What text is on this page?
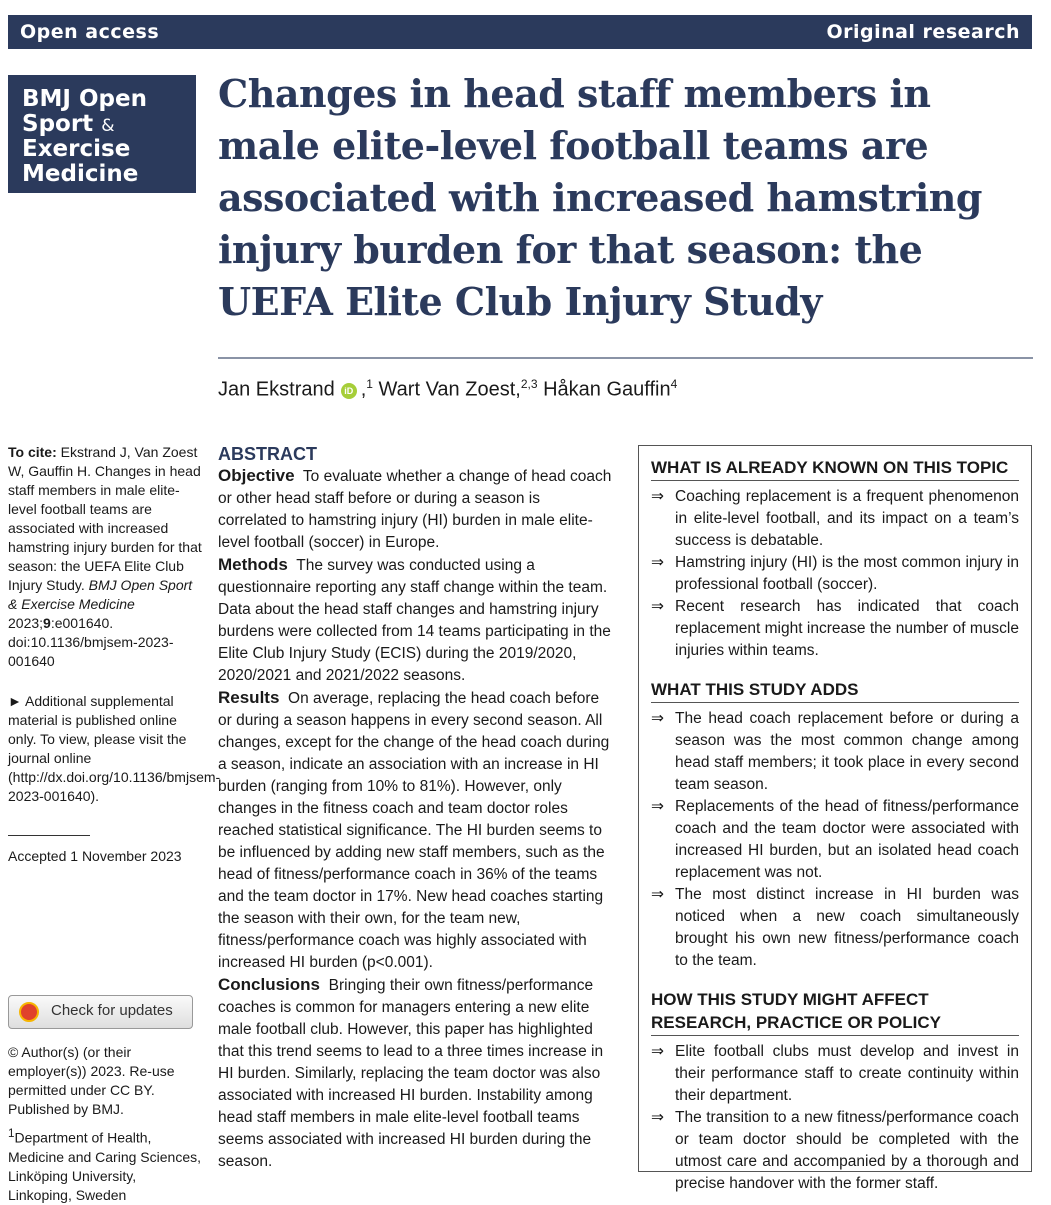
Open access	Original research
BMJ Open
Sport &
Exercise
Medicine
Changes in head staff members in male elite-level football teams are associated with increased hamstring injury burden for that season: the UEFA Elite Club Injury Study
Jan Ekstrand iD ,$^1$ Wart Van Zoest,$^{2,3}$ Håkan Gauffin$^4$
To cite: Ekstrand J, Van Zoest W, Gauffin H. Changes in head staff members in male elite-level football teams are associated with increased hamstring injury burden for that season: the UEFA Elite Club Injury Study. BMJ Open Sport & Exercise Medicine 2023;9:e001640. doi:10.1136/bmjsem-2023-001640
► Additional supplemental material is published online only. To view, please visit the journal online (http://dx.doi.org/10.1136/bmjsem-2023-001640).
Accepted 1 November 2023
Check for updates
© Author(s) (or their employer(s)) 2023. Re-use permitted under CC BY. Published by BMJ.
$^1$Department of Health, Medicine and Caring Sciences, Linköping University, Linkoping, Sweden
ABSTRACT

Objective To evaluate whether a change of head coach or other head staff before or during a season is correlated to hamstring injury (HI) burden in male elite-level football (soccer) in Europe.

Methods The survey was conducted using a questionnaire reporting any staff change within the team. Data about the head staff changes and hamstring injury burdens were collected from 14 teams participating in the Elite Club Injury Study (ECIS) during the 2019/2020, 2020/2021 and 2021/2022 seasons.

Results On average, replacing the head coach before or during a season happens in every second season. All changes, except for the change of the head coach during a season, indicate an association with an increase in HI burden (ranging from 10% to 81%). However, only changes in the fitness coach and team doctor roles reached statistical significance. The HI burden seems to be influenced by adding new staff members, such as the head of fitness/performance coach in 36% of the teams and the team doctor in 17%. New head coaches starting the season with their own, for the team new, fitness/performance coach was highly associated with increased HI burden (p<0.001).

Conclusions Bringing their own fitness/performance coaches is common for managers entering a new elite male football club. However, this paper has highlighted that this trend seems to lead to a three times increase in HI burden. Similarly, replacing the team doctor was also associated with increased HI burden. Instability among head staff members in male elite-level football teams seems associated with increased HI burden during the season.

WHAT IS ALREADY KNOWN ON THIS TOPIC
⇒ Coaching replacement is a frequent phenomenon in elite-level football, and its impact on a team’s success is debatable.
⇒ Hamstring injury (HI) is the most common injury in professional football (soccer).
⇒ Recent research has indicated that coach replacement might increase the number of muscle injuries within teams.
WHAT THIS STUDY ADDS
⇒ The head coach replacement before or during a season was the most common change among head staff members; it took place in every second team season.
⇒ Replacements of the head of fitness/performance coach and the team doctor were associated with increased HI burden, but an isolated head coach replacement was not.
⇒ The most distinct increase in HI burden was noticed when a new coach simultaneously brought his own new fitness/performance coach to the team.
HOW THIS STUDY MIGHT AFFECT RESEARCH, PRACTICE OR POLICY
⇒ Elite football clubs must develop and invest in their performance staff to create continuity within their department.
⇒ The transition to a new fitness/performance coach or team doctor should be completed with the utmost care and accompanied by a thorough and precise handover with the former staff.
